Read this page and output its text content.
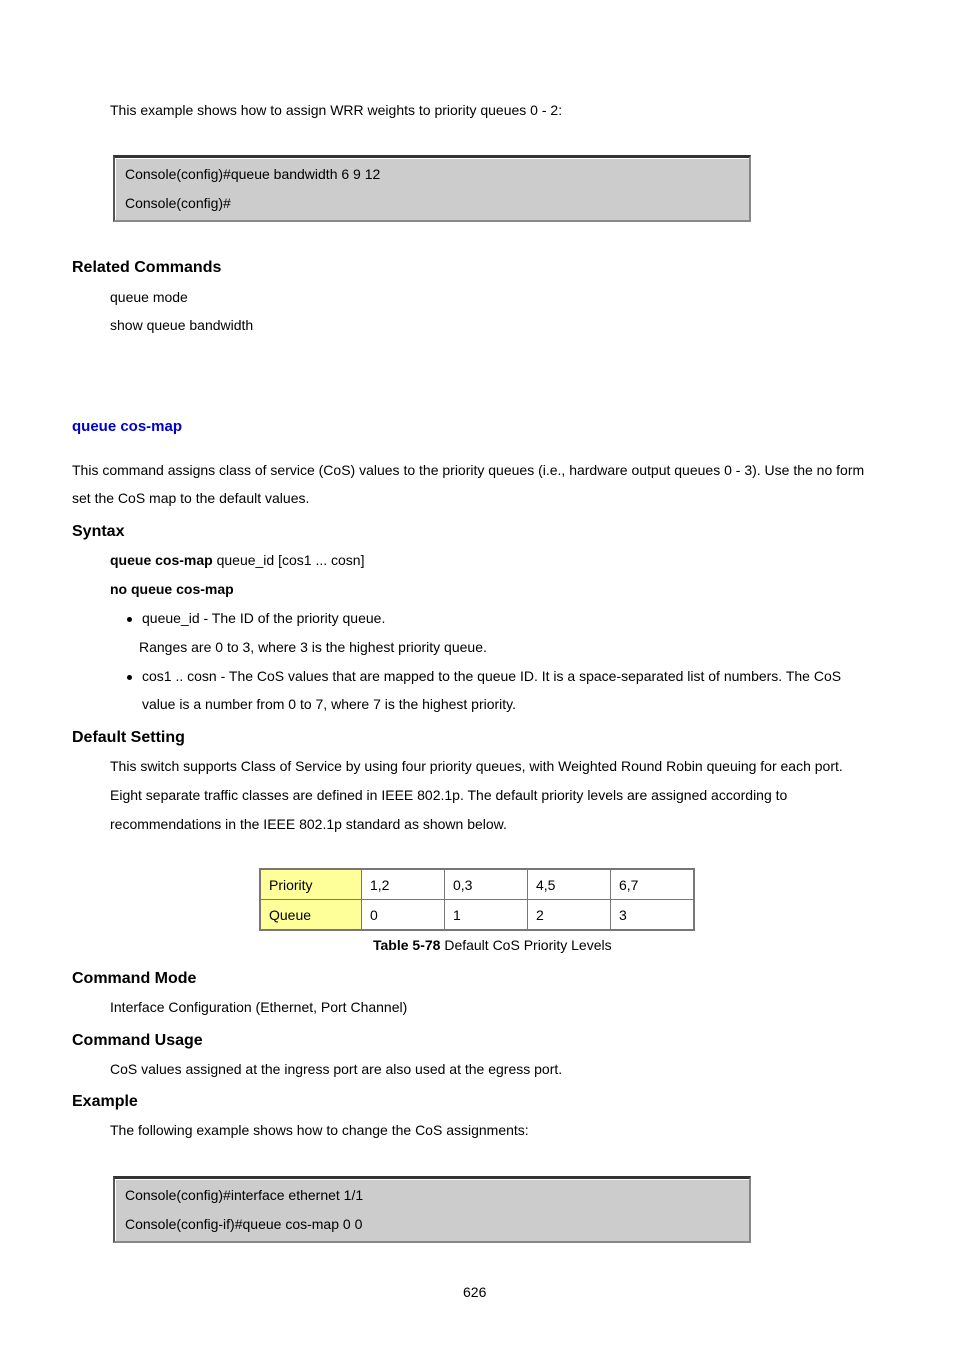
This example shows how to assign WRR weights to priority queues 0 - 2:
Console(config)#queue bandwidth 6 9 12
Console(config)#
Related Commands
queue mode
show queue bandwidth
queue cos-map
This command assigns class of service (CoS) values to the priority queues (i.e., hardware output queues 0 - 3). Use the no form
set the CoS map to the default values.
Syntax
queue cos-map queue_id [cos1 ... cosn]
no queue cos-map
queue_id - The ID of the priority queue.
Ranges are 0 to 3, where 3 is the highest priority queue.
cos1 .. cosn - The CoS values that are mapped to the queue ID. It is a space-separated list of numbers. The CoS
value is a number from 0 to 7, where 7 is the highest priority.
Default Setting
This switch supports Class of Service by using four priority queues, with Weighted Round Robin queuing for each port.
Eight separate traffic classes are defined in IEEE 802.1p. The default priority levels are assigned according to
recommendations in the IEEE 802.1p standard as shown below.
Priority	1,2	0,3	4,5	6,7
Queue	0	1	2	3
Table 5-78 Default CoS Priority Levels
Command Mode
Interface Configuration (Ethernet, Port Channel)
Command Usage
CoS values assigned at the ingress port are also used at the egress port.
Example
The following example shows how to change the CoS assignments:
Console(config)#interface ethernet 1/1
Console(config-if)#queue cos-map 0 0
626
